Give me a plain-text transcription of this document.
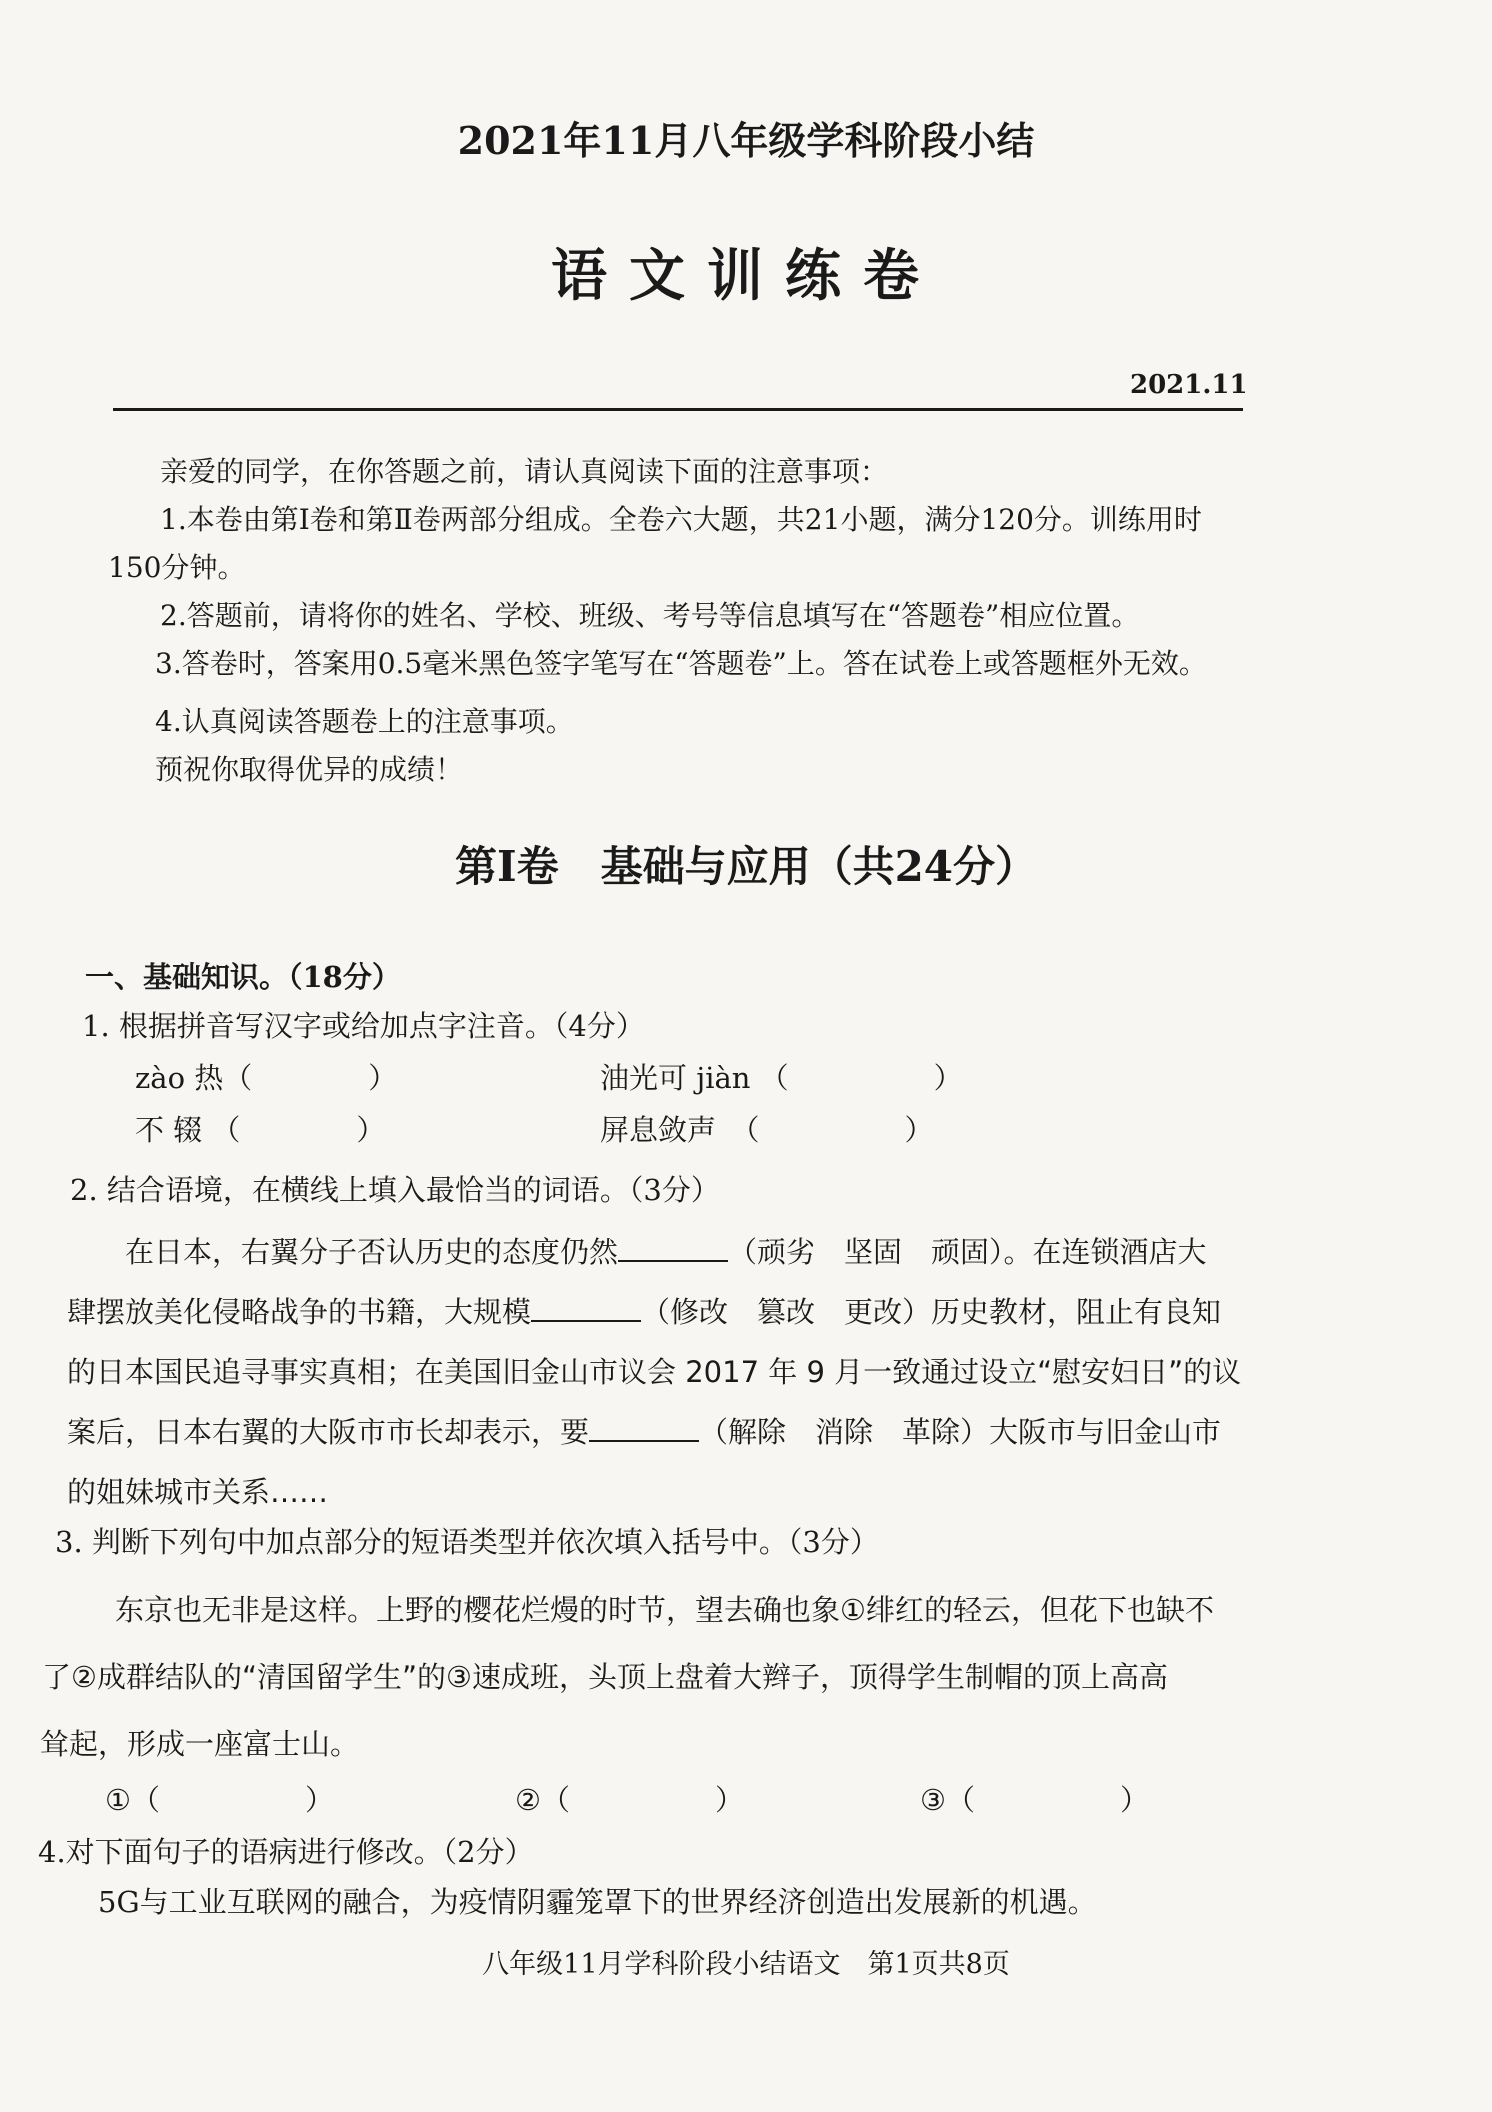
2021年11月八年级学科阶段小结
语文训练卷
2021.11
亲爱的同学，在你答题之前，请认真阅读下面的注意事项：
1.本卷由第Ⅰ卷和第Ⅱ卷两部分组成。全卷六大题，共21小题，满分120分。训练用时
150分钟。
2.答题前，请将你的姓名、学校、班级、考号等信息填写在“答题卷”相应位置。
3.答卷时，答案用0.5毫米黑色签字笔写在“答题卷”上。答在试卷上或答题框外无效。
4.认真阅读答题卷上的注意事项。
预祝你取得优异的成绩！
第Ⅰ卷　基础与应用（共24分）
一、基础知识。（18分）
1. 根据拼音写汉字或给加点字注音。（4分）
zào 热（　　　　）	油光可 jiàn （　　　　　）
不 辍 （　　　　）	屏息敛声　（　　　　　）
2. 结合语境，在横线上填入最恰当的词语。（3分）
在日本，右翼分子否认历史的态度仍然	（顽劣　坚固　顽固）。在连锁酒店大
肆摆放美化侵略战争的书籍，大规模	（修改　篡改　更改）历史教材，阻止有良知
的日本国民追寻事实真相；在美国旧金山市议会 2017 年 9 月一致通过设立“慰安妇日”的议
案后，日本右翼的大阪市市长却表示，要	（解除　消除　革除）大阪市与旧金山市
的姐妹城市关系……
3. 判断下列句中加点部分的短语类型并依次填入括号中。（3分）
东京也无非是这样。上野的樱花烂熳的时节，望去确也象①绯红的轻云，但花下也缺不
了②成群结队的“清国留学生”的③速成班，头顶上盘着大辫子，顶得学生制帽的顶上高高
耸起，形成一座富士山。
①（　　　　　）	②（　　　　　）	③（　　　　　）
4.对下面句子的语病进行修改。（2分）
5G与工业互联网的融合，为疫情阴霾笼罩下的世界经济创造出发展新的机遇。
八年级11月学科阶段小结语文　第1页共8页
